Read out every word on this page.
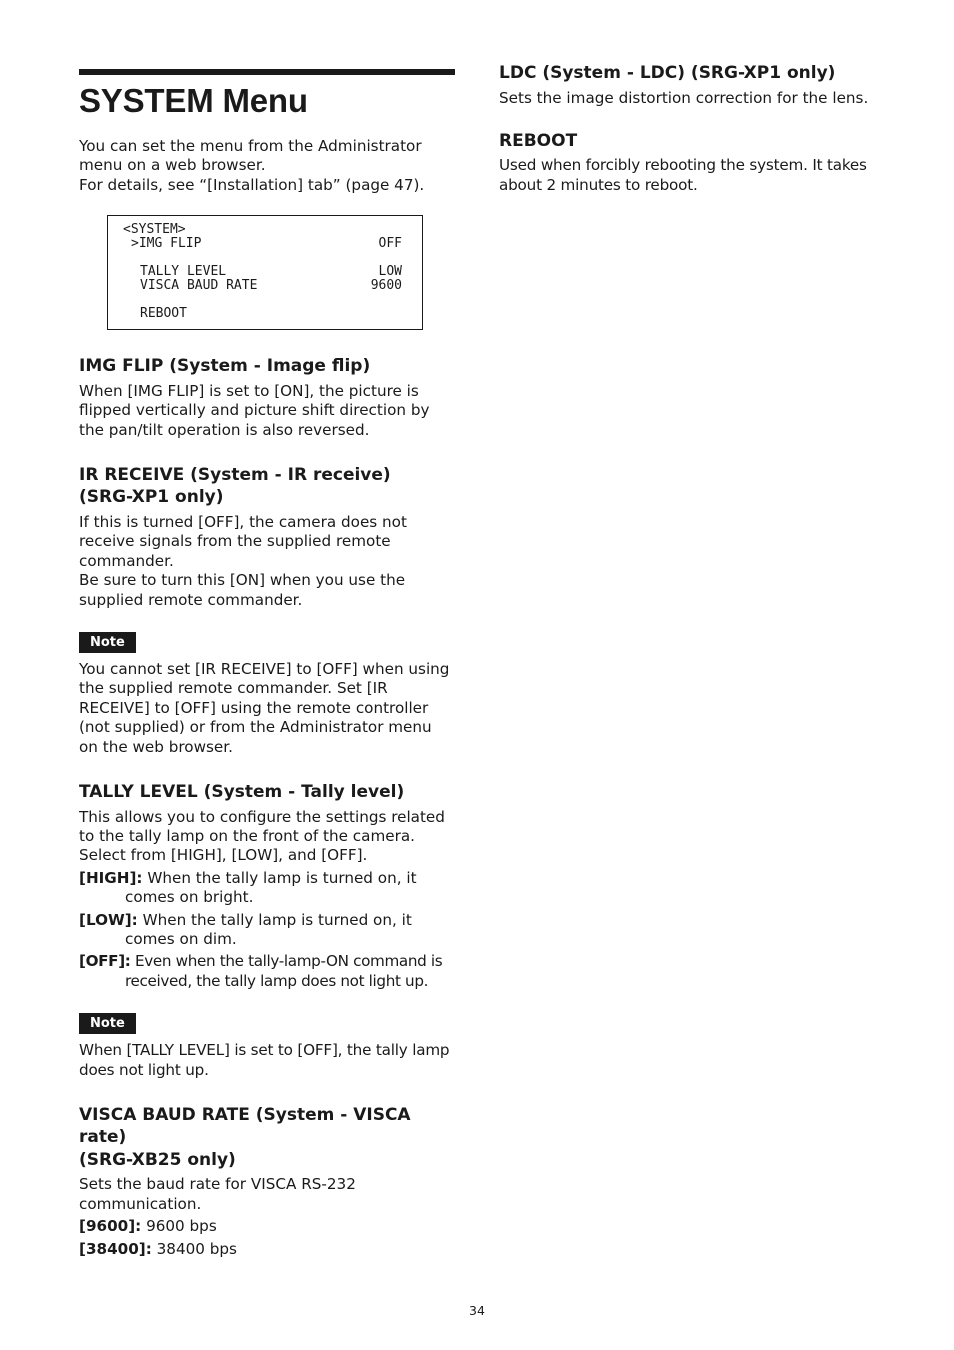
SYSTEM Menu

You can set the menu from the Administrator menu on a web browser.

For details, see “[Installation] tab” (page 47).

<SYSTEM>
>IMG FLIP	OFF
TALLY LEVEL	LOW
VISCA BAUD RATE	9600
REBOOT
IMG FLIP (System - Image flip)

When [IMG FLIP] is set to [ON], the picture is flipped vertically and picture shift direction by the pan/tilt operation is also reversed.

IR RECEIVE (System - IR receive)
(SRG-XP1 only)

If this is turned [OFF], the camera does not receive signals from the supplied remote commander.

Be sure to turn this [ON] when you use the supplied remote commander.

Note

You cannot set [IR RECEIVE] to [OFF] when using the supplied remote commander. Set [IR RECEIVE] to [OFF] using the remote controller (not supplied) or from the Administrator menu on the web browser.

TALLY LEVEL (System - Tally level)

This allows you to configure the settings related to the tally lamp on the front of the camera. Select from [HIGH], [LOW], and [OFF].

[HIGH]: When the tally lamp is turned on, it comes on bright.
[LOW]: When the tally lamp is turned on, it comes on dim.
[OFF]: Even when the tally-lamp-ON command is received, the tally lamp does not light up.
Note

When [TALLY LEVEL] is set to [OFF], the tally lamp does not light up.

VISCA BAUD RATE (System - VISCA rate)
(SRG-XB25 only)

Sets the baud rate for VISCA RS-232 communication.

[9600]: 9600 bps
[38400]: 38400 bps
LDC (System - LDC) (SRG-XP1 only)

Sets the image distortion correction for the lens.

REBOOT

Used when forcibly rebooting the system. It takes about 2 minutes to reboot.

34
